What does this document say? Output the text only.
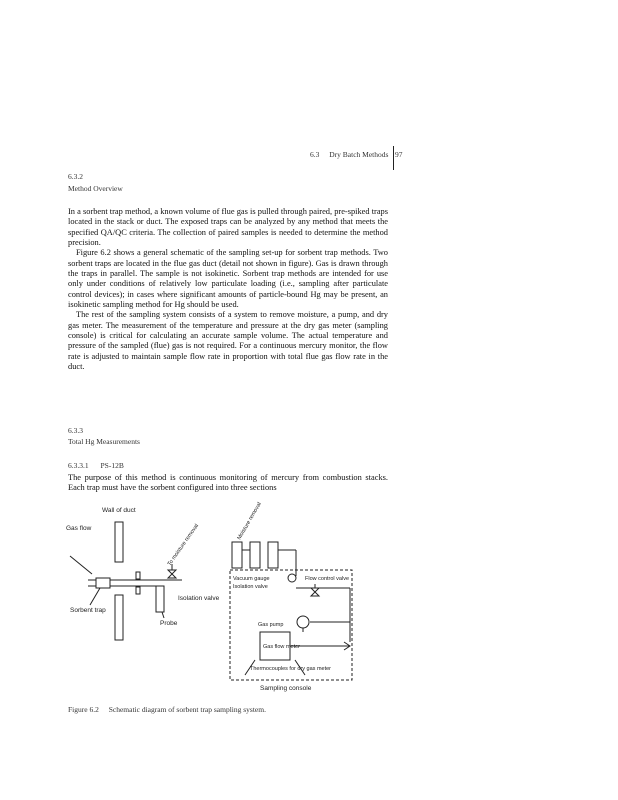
6.3 Dry Batch Methods 97
6.3.2
Method Overview

In a sorbent trap method, a known volume of flue gas is pulled through paired, pre-spiked traps located in the stack or duct. The exposed traps can be analyzed by any method that meets the specified QA/QC criteria. The collection of paired samples is needed to determine the method precision.

Figure 6.2 shows a general schematic of the sampling set-up for sorbent trap methods. Two sorbent traps are located in the flue gas duct (detail not shown in figure). Gas is drawn through the traps in parallel. The sample is not isokinetic. Sorbent trap methods are intended for use only under conditions of relatively low particulate loading (i.e., sampling after particulate control devices); in cases where significant amounts of particle-bound Hg may be present, an isokinetic sampling method for Hg should be used.

The rest of the sampling system consists of a system to remove moisture, a pump, and dry gas meter. The measurement of the temperature and pressure at the dry gas meter (sampling console) is critical for calculating an accurate sample volume. The actual temperature and pressure of the sampled (flue) gas is not required. For a continuous mercury monitor, the flow rate is adjusted to maintain sample flow rate in proportion with total flue gas flow rate in the duct.

6.3.3
Total Hg Measurements
6.3.3.1 PS-12B
The purpose of this method is continuous monitoring of mercury from combustion stacks. Each trap must have the sorbent configured into three sections
Wall of duct
Gas flow	To moisture removal
Sorbent trap
Probe
Isolation valve
Moisture removal
Vacuum gauge
Isolation valve
Flow control valve
Gas pump
Gas flow meter
Thermocouples for dry gas meter
Sampling console
Figure 6.2 Schematic diagram of sorbent trap sampling system.
